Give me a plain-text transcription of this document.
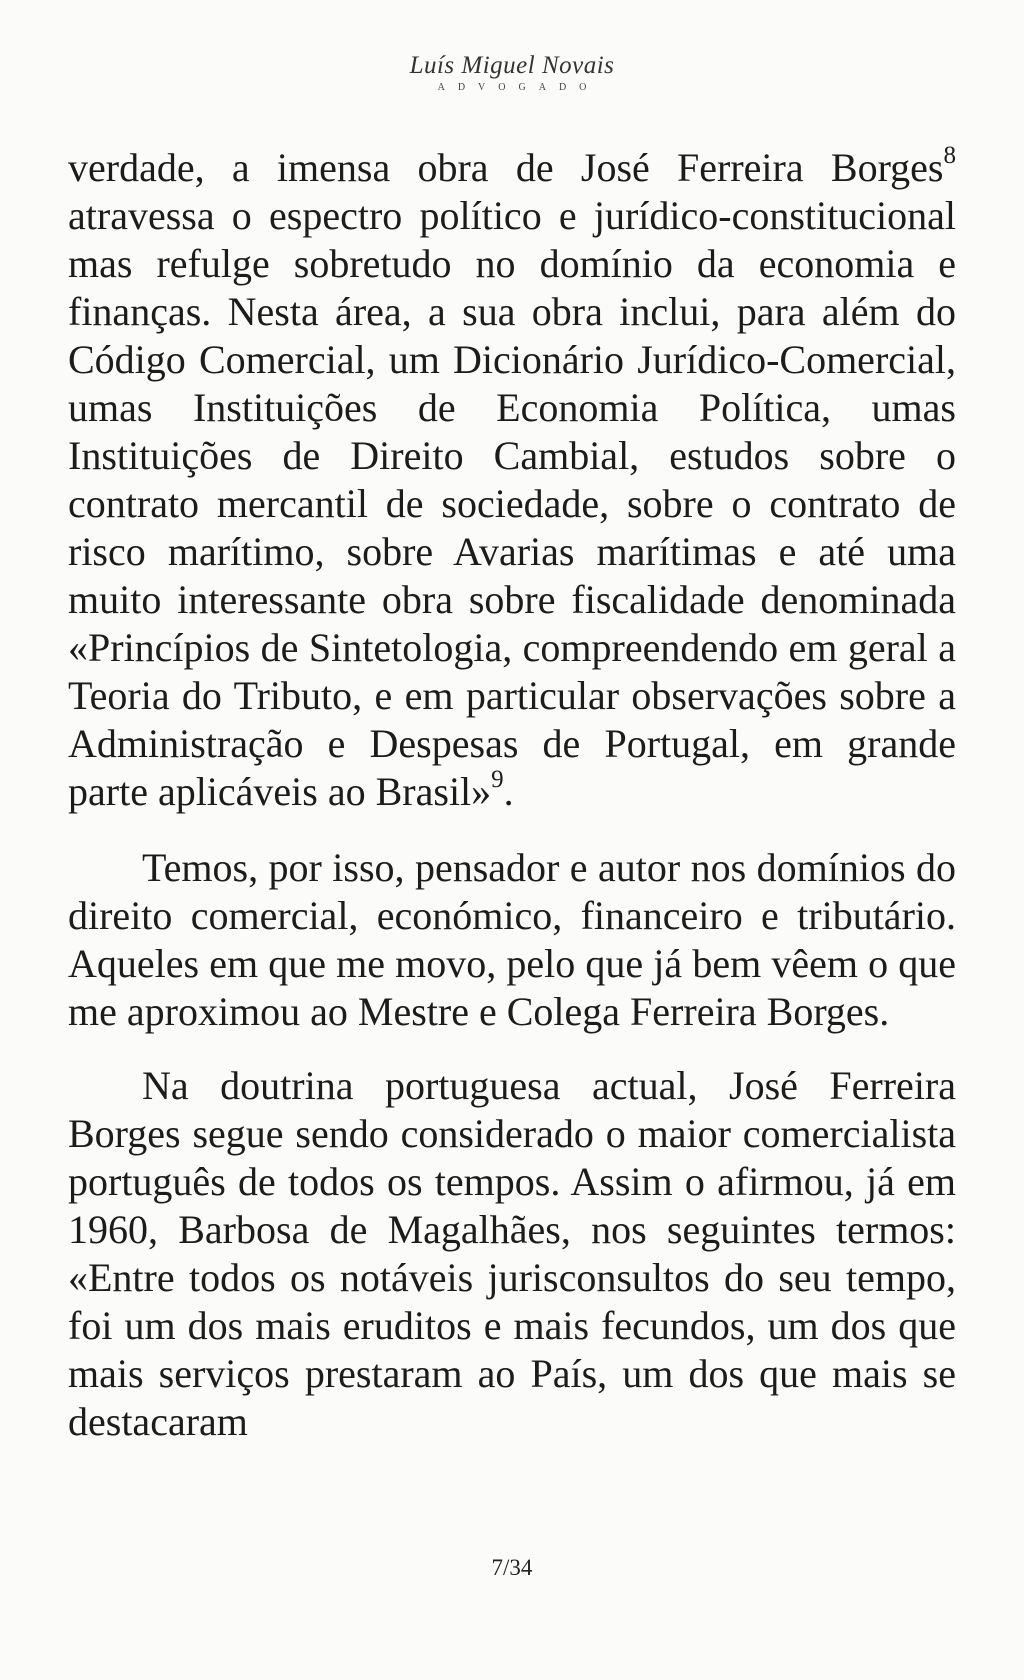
Luís Miguel Novais
ADVOGADO

verdade, a imensa obra de José Ferreira Borges$^8$ atravessa o espectro político e jurídico-constitucional mas refulge sobretudo no domínio da economia e finanças. Nesta área, a sua obra inclui, para além do Código Comercial, um Dicionário Jurídico-Comercial, umas Instituições de Economia Política, umas Instituições de Direito Cambial, estudos sobre o contrato mercantil de sociedade, sobre o contrato de risco marítimo, sobre Avarias marítimas e até uma muito interessante obra sobre fiscalidade denominada «Princípios de Sintetologia, compreendendo em geral a Teoria do Tributo, e em particular observações sobre a Administração e Despesas de Portugal, em grande parte aplicáveis ao Brasil»$^9$.

Temos, por isso, pensador e autor nos domínios do direito comercial, económico, financeiro e tributário. Aqueles em que me movo, pelo que já bem vêem o que me aproximou ao Mestre e Colega Ferreira Borges.

Na doutrina portuguesa actual, José Ferreira Borges segue sendo considerado o maior comercialista português de todos os tempos. Assim o afirmou, já em 1960, Barbosa de Magalhães, nos seguintes termos: «Entre todos os notáveis jurisconsultos do seu tempo, foi um dos mais eruditos e mais fecundos, um dos que mais serviços prestaram ao País, um dos que mais se destacaram

7/34
